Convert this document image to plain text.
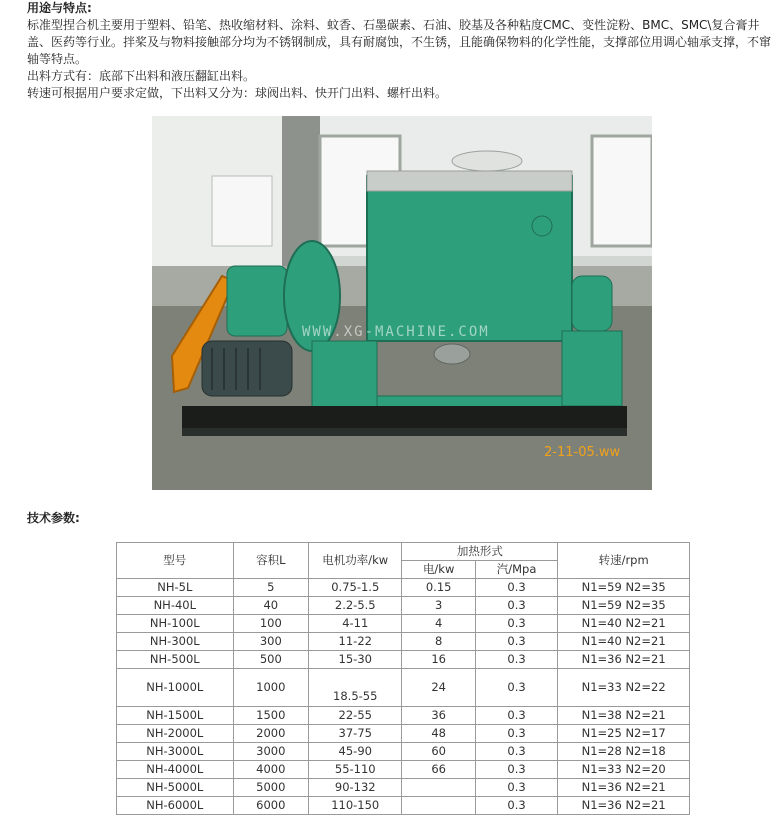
用途与特点:

标准型捏合机主要用于塑料、铅笔、热收缩材料、涂料、蚊香、石墨碳素、石油、胶基及各种粘度CMC、变性淀粉、BMC、SMC\复合膏井盖、医药等行业。拌桨及与物料接触部分均为不锈钢制成，具有耐腐蚀，不生锈，且能确保物料的化学性能，支撑部位用调心轴承支撑，不窜轴等特点。

出料方式有：底部下出料和液压翻缸出料。

转速可根据用户要求定做，下出料又分为：球阀出料、快开门出料、螺杆出料。

WWW.XG-MACHINE.COM
2-11-05.ww
技术参数:
型号	容积L	电机功率/kw	加热形式		转速/rpm
			电/kw	汽/Mpa	
NH-5L	5	0.75-1.5	0.15	0.3	N1=59 N2=35
NH-40L	40	2.2-5.5	3	0.3	N1=59 N2=35
NH-100L	100	4-11	4	0.3	N1=40 N2=21
NH-300L	300	11-22	8	0.3	N1=40 N2=21
NH-500L	500	15-30	16	0.3	N1=36 N2=21
NH-1000L	1000	18.5-55	24	0.3	N1=33 N2=22
NH-1500L	1500	22-55	36	0.3	N1=38 N2=21
NH-2000L	2000	37-75	48	0.3	N1=25 N2=17
NH-3000L	3000	45-90	60	0.3	N1=28 N2=18
NH-4000L	4000	55-110	66	0.3	N1=33 N2=20
NH-5000L	5000	90-132		0.3	N1=36 N2=21
NH-6000L	6000	110-150		0.3	N1=36 N2=21
